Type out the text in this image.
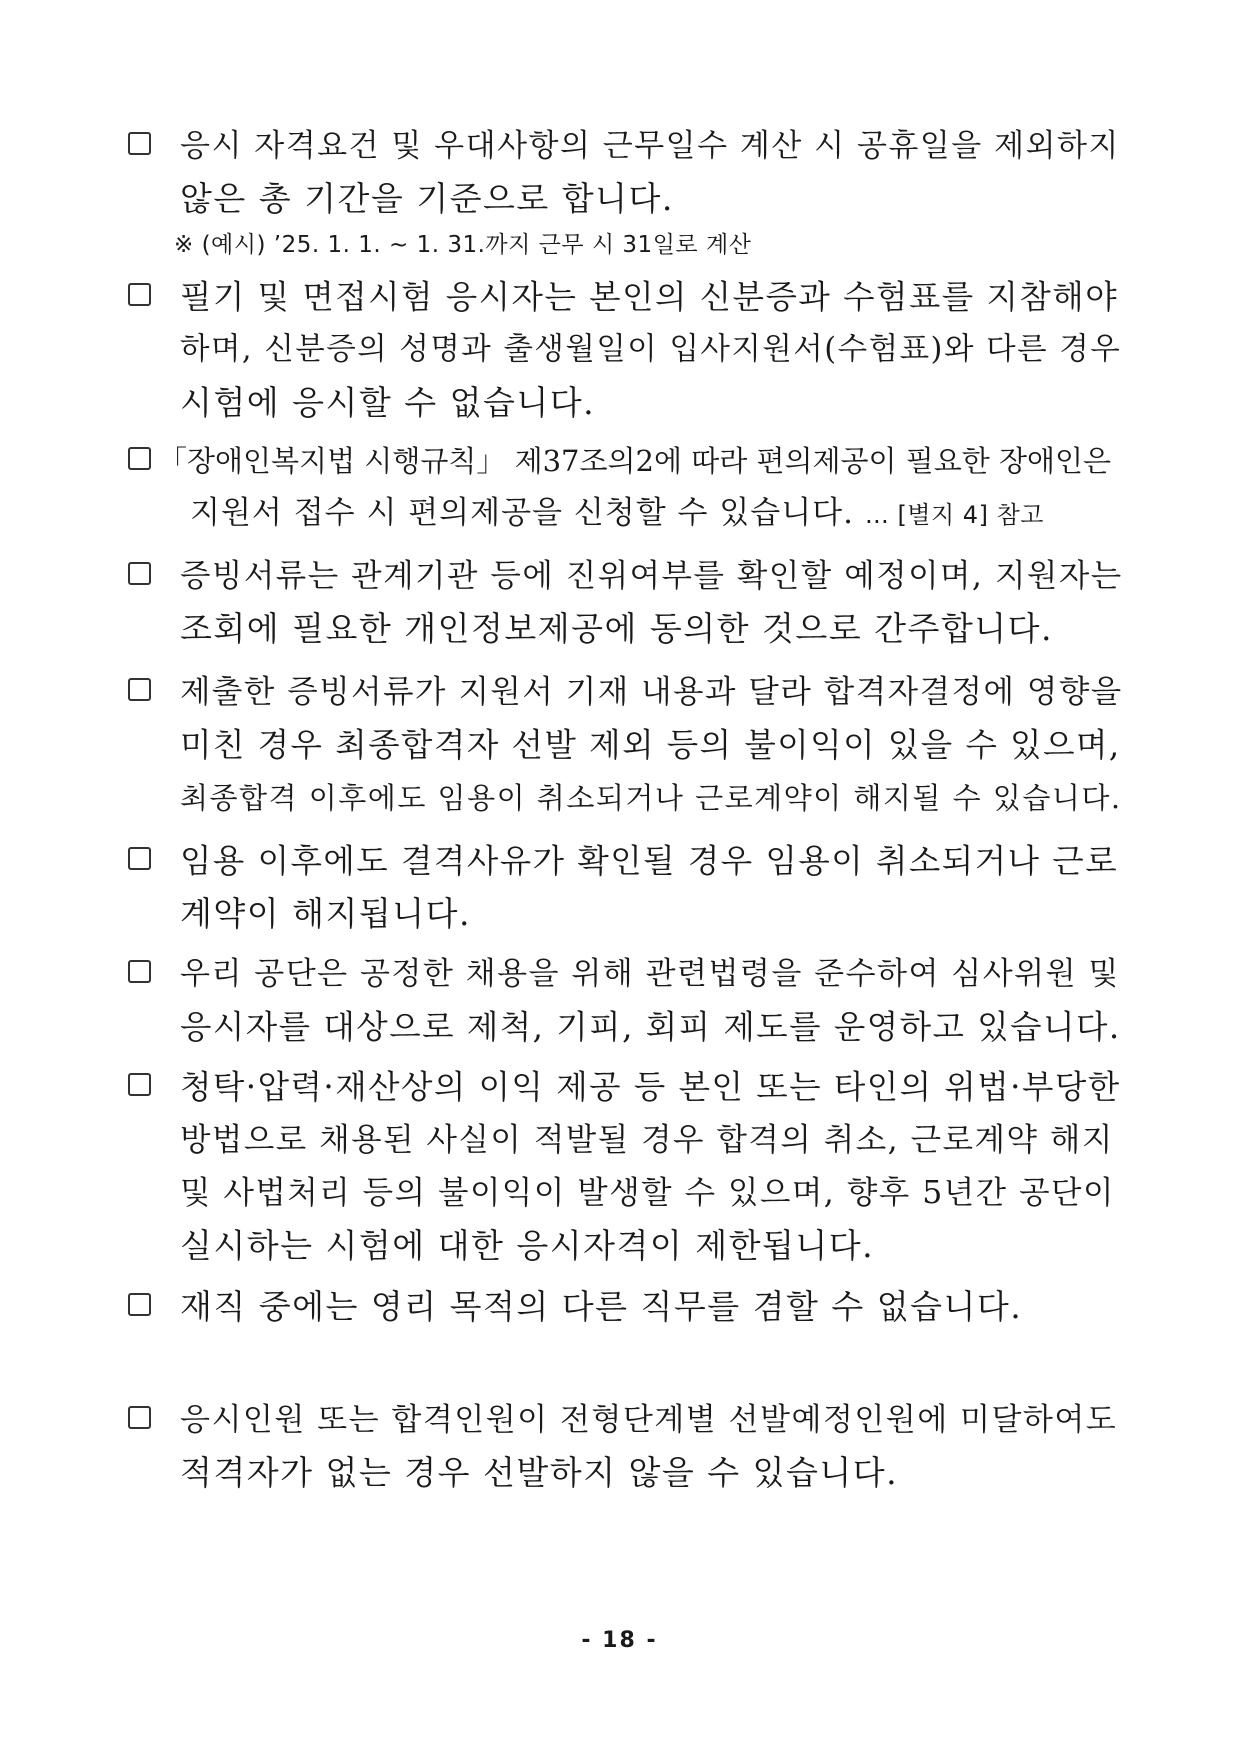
응시 자격요건 및 우대사항의 근무일수 계산 시 공휴일을 제외하지
않은 총 기간을 기준으로 합니다.
※ (예시) ’25. 1. 1. ~ 1. 31.까지 근무 시 31일로 계산
필기 및 면접시험 응시자는 본인의 신분증과 수험표를 지참해야
하며, 신분증의 성명과 출생월일이 입사지원서(수험표)와 다른 경우
시험에 응시할 수 없습니다.
「장애인복지법 시행규칙」 제37조의2에 따라 편의제공이 필요한 장애인은
지원서 접수 시 편의제공을 신청할 수 있습니다. … [별지 4] 참고
증빙서류는 관계기관 등에 진위여부를 확인할 예정이며, 지원자는
조회에 필요한 개인정보제공에 동의한 것으로 간주합니다.
제출한 증빙서류가 지원서 기재 내용과 달라 합격자결정에 영향을
미친 경우 최종합격자 선발 제외 등의 불이익이 있을 수 있으며,
최종합격 이후에도 임용이 취소되거나 근로계약이 해지될 수 있습니다.
임용 이후에도 결격사유가 확인될 경우 임용이 취소되거나 근로
계약이 해지됩니다.
우리 공단은 공정한 채용을 위해 관련법령을 준수하여 심사위원 및
응시자를 대상으로 제척, 기피, 회피 제도를 운영하고 있습니다.
청탁·압력·재산상의 이익 제공 등 본인 또는 타인의 위법·부당한
방법으로 채용된 사실이 적발될 경우 합격의 취소, 근로계약 해지
및 사법처리 등의 불이익이 발생할 수 있으며, 향후 5년간 공단이
실시하는 시험에 대한 응시자격이 제한됩니다.
재직 중에는 영리 목적의 다른 직무를 겸할 수 없습니다.
응시인원 또는 합격인원이 전형단계별 선발예정인원에 미달하여도
적격자가 없는 경우 선발하지 않을 수 있습니다.
- 18 -
